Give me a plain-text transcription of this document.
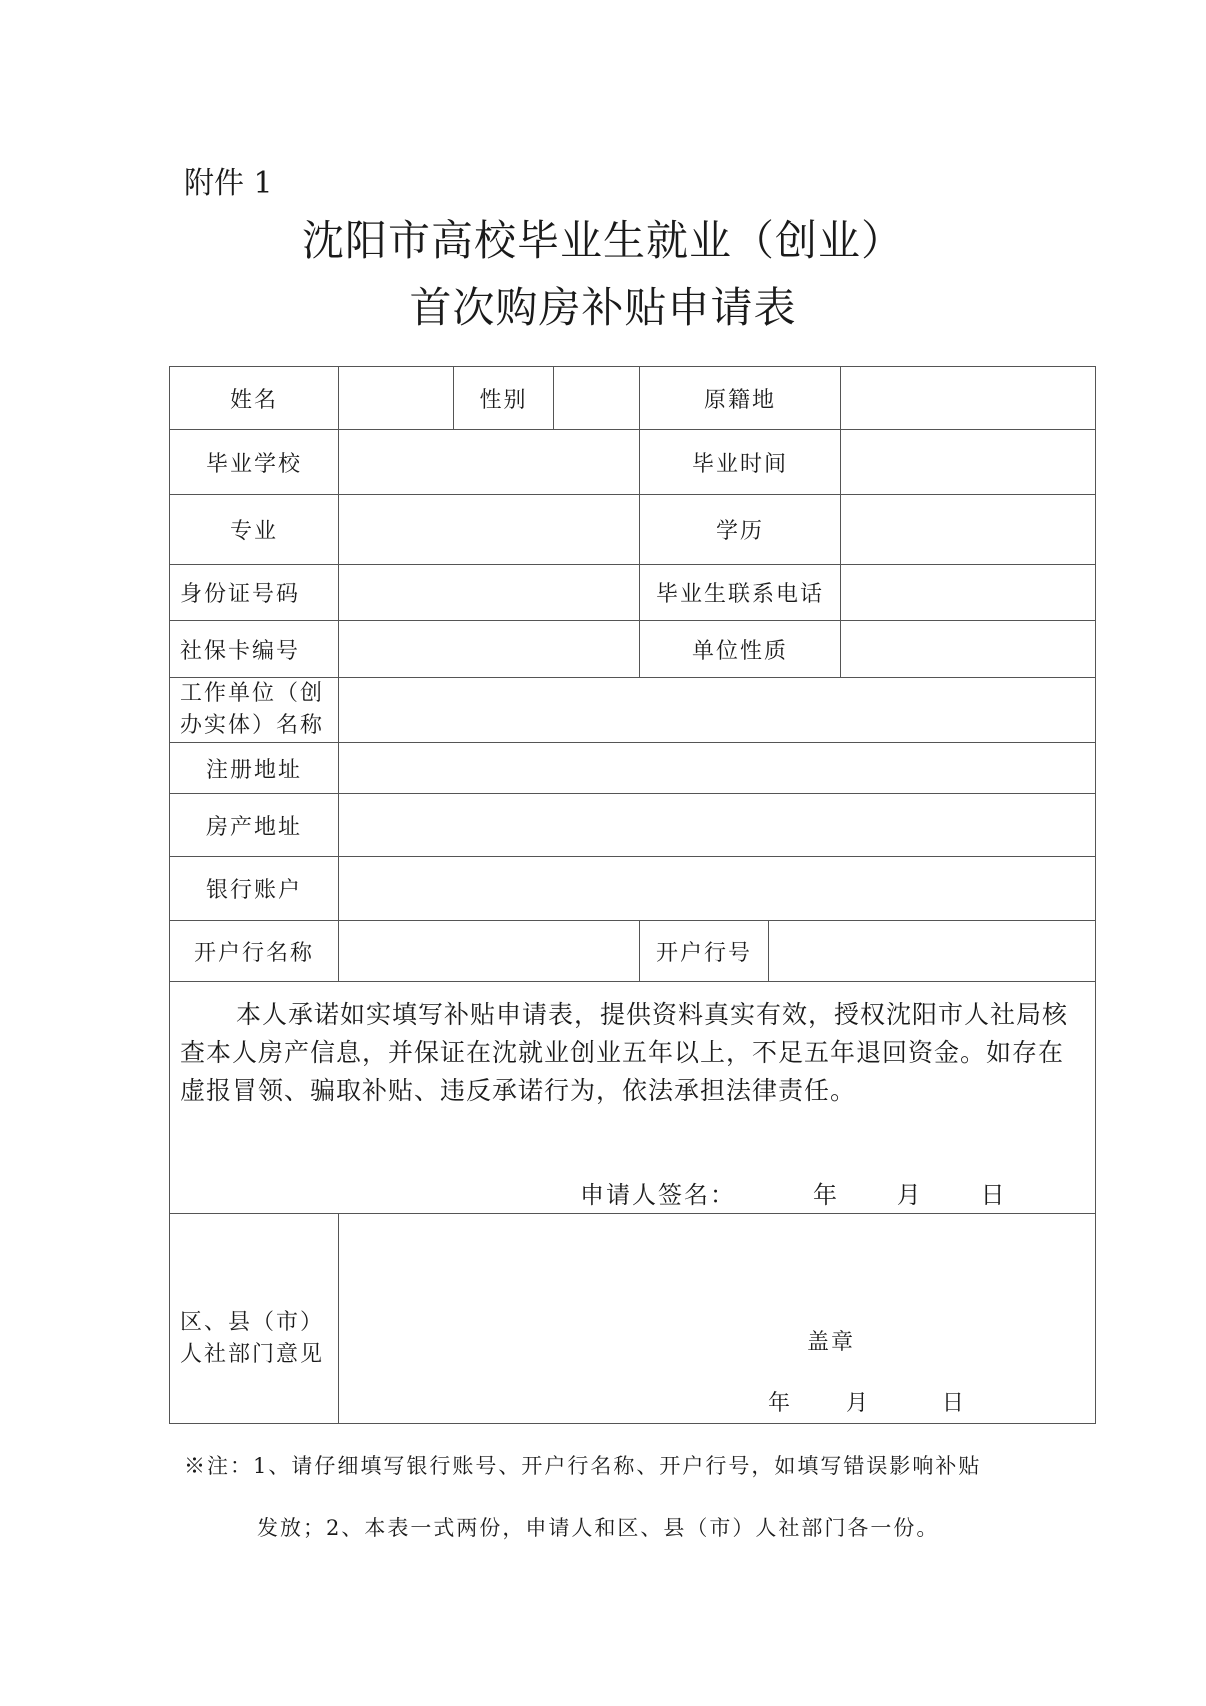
附件 1
沈阳市高校毕业生就业（创业）
首次购房补贴申请表
姓名		性别		原籍地		
毕业学校				毕业时间		
专业				学历		
身份证号码				毕业生联系电话		
社保卡编号				单位性质		
工作单位（创办实体）名称						
注册地址						
房产地址						
银行账户						
开户行名称				开户行号		

本人承诺如实填写补贴申请表，提供资料真实有效，授权沈阳市人社局核查本人房产信息，并保证在沈就业创业五年以上，不足五年退回资金。如存在虚报冒领、骗取补贴、违反承诺行为，依法承担法律责任。
申请人签名：        年      月      日						

区、县（市）人社部门意见	盖章
年      月        日					
※注：1、请仔细填写银行账号、开户行名称、开户行号，如填写错误影响补贴
发放；2、本表一式两份，申请人和区、县（市）人社部门各一份。
